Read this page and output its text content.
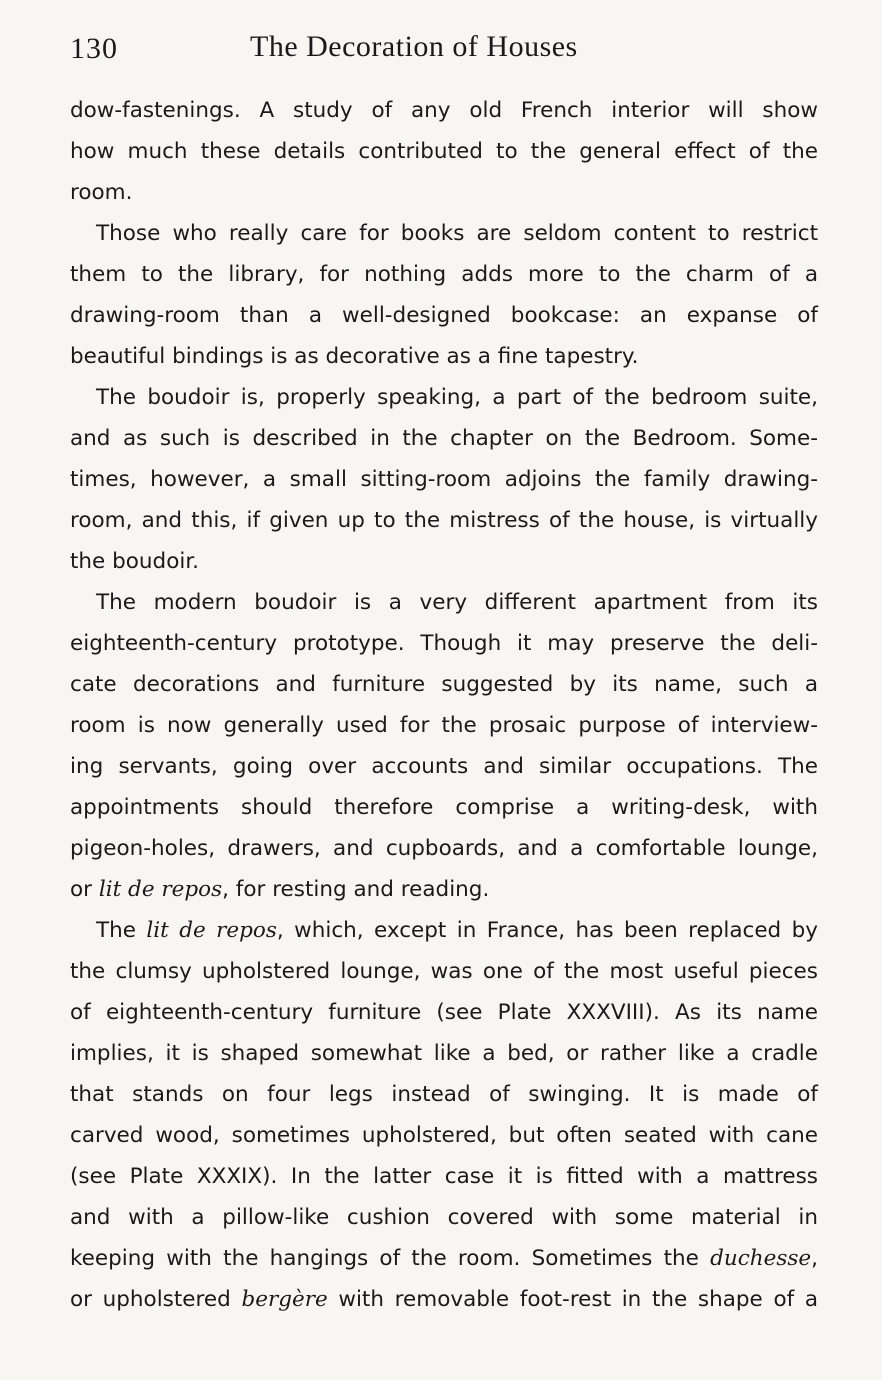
130	The Decoration of Houses
dow-fastenings. A study of any old French interior will show
how much these details contributed to the general effect of the
room.
Those who really care for books are seldom content to restrict
them to the library, for nothing adds more to the charm of a
drawing-room than a well-designed bookcase: an expanse of
beautiful bindings is as decorative as a fine tapestry.
The boudoir is, properly speaking, a part of the bedroom suite,
and as such is described in the chapter on the Bedroom. Some-
times, however, a small sitting-room adjoins the family drawing-
room, and this, if given up to the mistress of the house, is virtually
the boudoir.
The modern boudoir is a very different apartment from its
eighteenth-century prototype. Though it may preserve the deli-
cate decorations and furniture suggested by its name, such a
room is now generally used for the prosaic purpose of interview-
ing servants, going over accounts and similar occupations. The
appointments should therefore comprise a writing-desk, with
pigeon-holes, drawers, and cupboards, and a comfortable lounge,
or lit de repos, for resting and reading.
The lit de repos, which, except in France, has been replaced by
the clumsy upholstered lounge, was one of the most useful pieces
of eighteenth-century furniture (see Plate XXXVIII). As its name
implies, it is shaped somewhat like a bed, or rather like a cradle
that stands on four legs instead of swinging. It is made of
carved wood, sometimes upholstered, but often seated with cane
(see Plate XXXIX). In the latter case it is fitted with a mattress
and with a pillow-like cushion covered with some material in
keeping with the hangings of the room. Sometimes the duchesse,
or upholstered bergère with removable foot-rest in the shape of a
